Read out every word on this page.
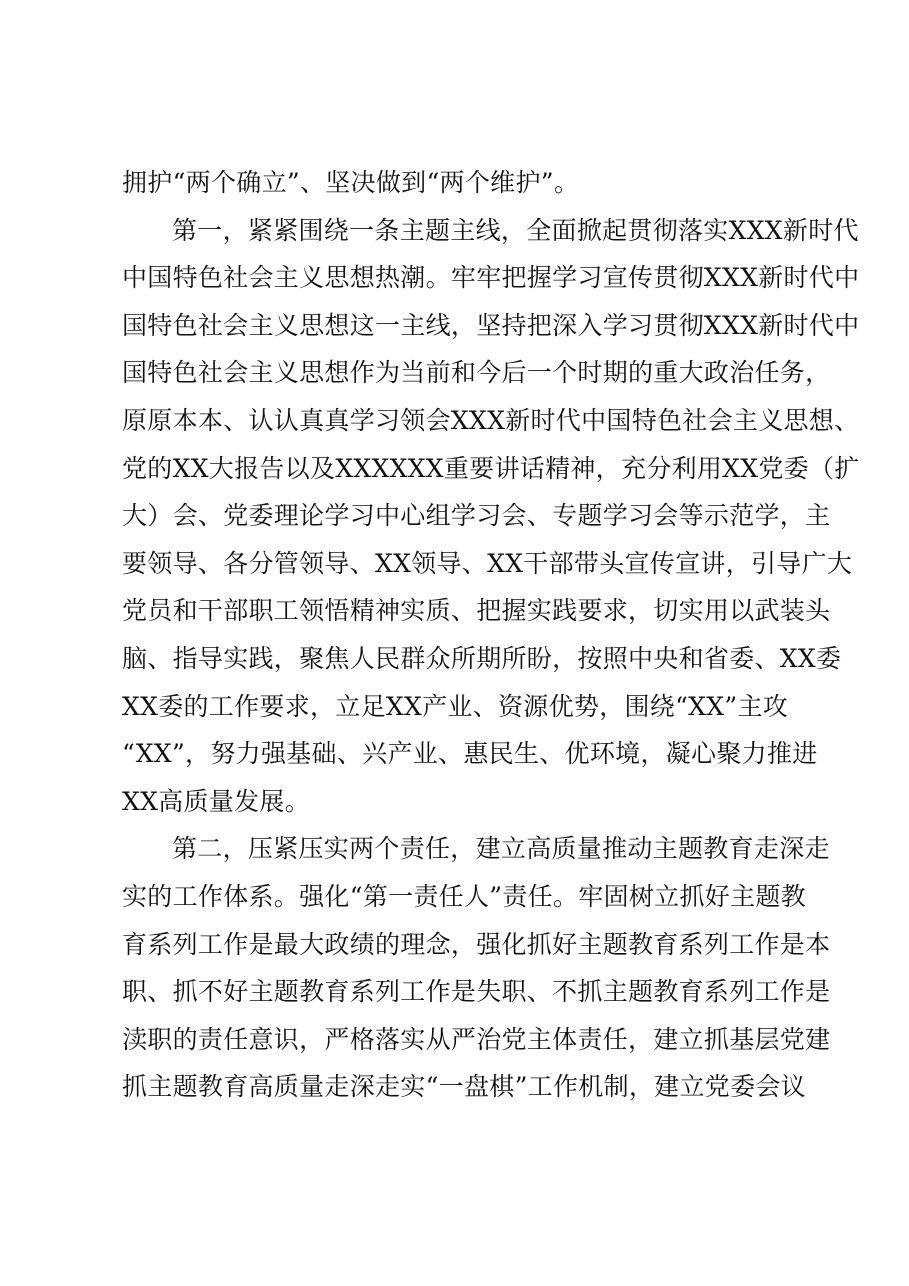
拥护“两个确立”、坚决做到“两个维护”。
第一，紧紧围绕一条主题主线，全面掀起贯彻落实XXX新时代
中国特色社会主义思想热潮。牢牢把握学习宣传贯彻XXX新时代中
国特色社会主义思想这一主线，坚持把深入学习贯彻XXX新时代中
国特色社会主义思想作为当前和今后一个时期的重大政治任务，
原原本本、认认真真学习领会XXX新时代中国特色社会主义思想、
党的XX大报告以及XXXXXX重要讲话精神，充分利用XX党委（扩
大）会、党委理论学习中心组学习会、专题学习会等示范学，主
要领导、各分管领导、XX领导、XX干部带头宣传宣讲，引导广大
党员和干部职工领悟精神实质、把握实践要求，切实用以武装头
脑、指导实践，聚焦人民群众所期所盼，按照中央和省委、XX委
XX委的工作要求，立足XX产业、资源优势，围绕“XX”主攻
“XX”，努力强基础、兴产业、惠民生、优环境，凝心聚力推进
XX高质量发展。
第二，压紧压实两个责任，建立高质量推动主题教育走深走
实的工作体系。强化“第一责任人”责任。牢固树立抓好主题教
育系列工作是最大政绩的理念，强化抓好主题教育系列工作是本
职、抓不好主题教育系列工作是失职、不抓主题教育系列工作是
渎职的责任意识，严格落实从严治党主体责任，建立抓基层党建
抓主题教育高质量走深走实“一盘棋”工作机制，建立党委会议
